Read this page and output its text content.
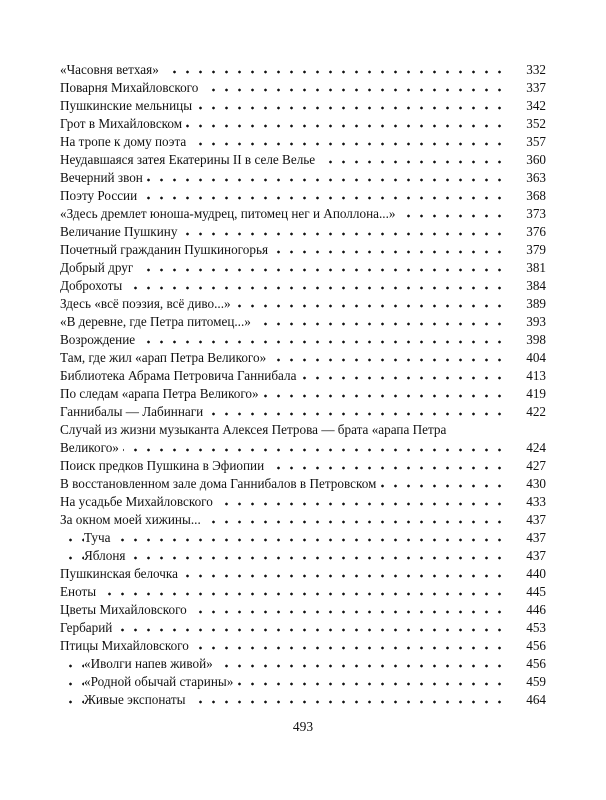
«Часовня ветхая»	332
Поварня Михайловского	337
Пушкинские мельницы	342
Грот в Михайловском	352
На тропе к дому поэта	357
Неудавшаяся затея Екатерины II в селе Велье	360
Вечерний звон	363
Поэту России	368
«Здесь дремлет юноша-мудрец, питомец нег и Аполлона...»	373
Величание Пушкину	376
Почетный гражданин Пушкиногорья	379
Добрый друг	381
Доброхоты	384
Здесь «всё поэзия, всё диво...»	389
«В деревне, где Петра питомец...»	393
Возрождение	398
Там, где жил «арап Петра Великого»	404
Библиотека Абрама Петровича Ганнибала	413
По следам «арапа Петра Великого»	419
Ганнибалы — Лабиннаги	422
Случай из жизни музыканта Алексея Петрова — брата «арапа Петра Великого»	424
Поиск предков Пушкина в Эфиопии	427
В восстановленном зале дома Ганнибалов в Петровском	430
На усадьбе Михайловского	433
За окном моей хижины...	437
Туча	437
Яблоня	437
Пушкинская белочка	440
Еноты	445
Цветы Михайловского	446
Гербарий	453
Птицы Михайловского	456
«Иволги напев живой»	456
«Родной обычай старины»	459
Живые экспонаты	464
493
